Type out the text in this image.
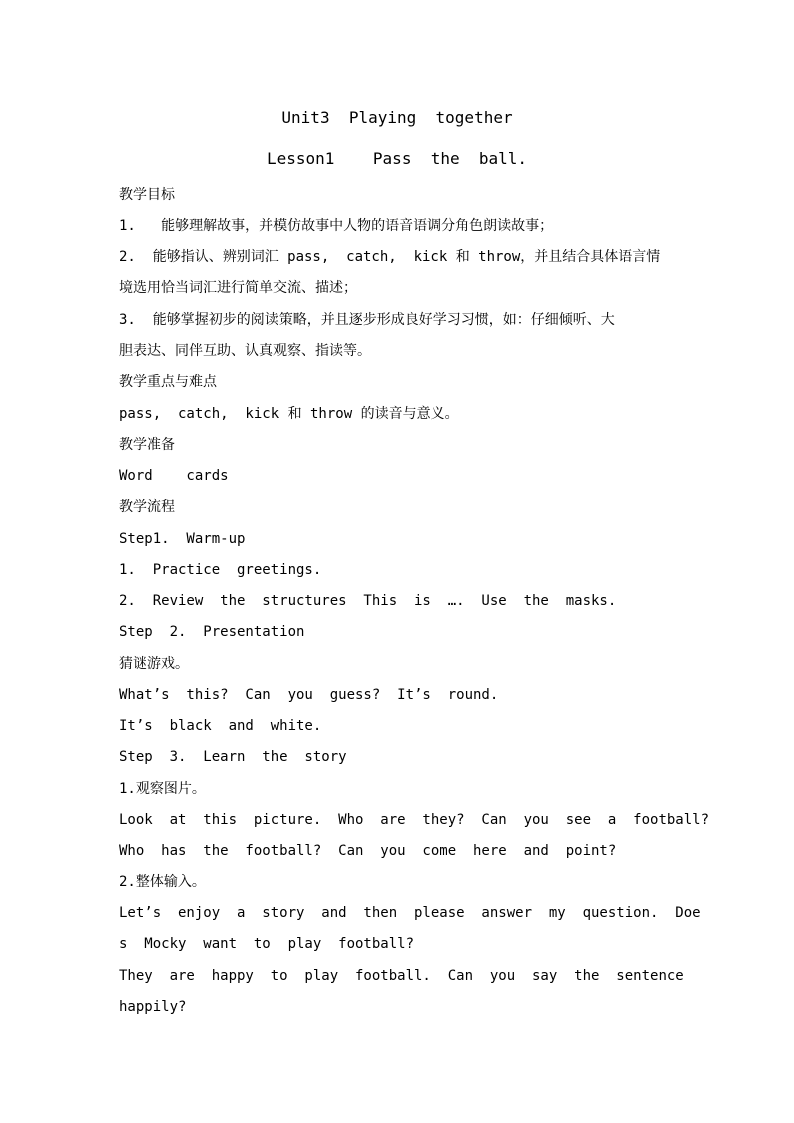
Unit3  Playing  together
Lesson1    Pass  the  ball.
教学目标
1.   能够理解故事，并模仿故事中人物的语音语调分角色朗读故事；
2.  能够指认、辨别词汇 pass,  catch,  kick 和 throw，并且结合具体语言情
境选用恰当词汇进行简单交流、描述；
3.  能够掌握初步的阅读策略，并且逐步形成良好学习习惯，如：仔细倾听、大
胆表达、同伴互助、认真观察、指读等。
教学重点与难点
pass,  catch,  kick 和 throw 的读音与意义。
教学准备
Word    cards
教学流程
Step1.  Warm-up
1.  Practice  greetings.
2.  Review  the  structures  This  is  ….  Use  the  masks.
Step  2.  Presentation
猜谜游戏。
What’s  this?  Can  you  guess?  It’s  round.
It’s  black  and  white.
Step  3.  Learn  the  story
1.观察图片。
Look  at  this  picture.  Who  are  they?  Can  you  see  a  football?
Who  has  the  football?  Can  you  come  here  and  point?
2.整体输入。
Let’s  enjoy  a  story  and  then  please  answer  my  question.  Doe
s  Mocky  want  to  play  football?
They  are  happy  to  play  football.  Can  you  say  the  sentence
happily?
